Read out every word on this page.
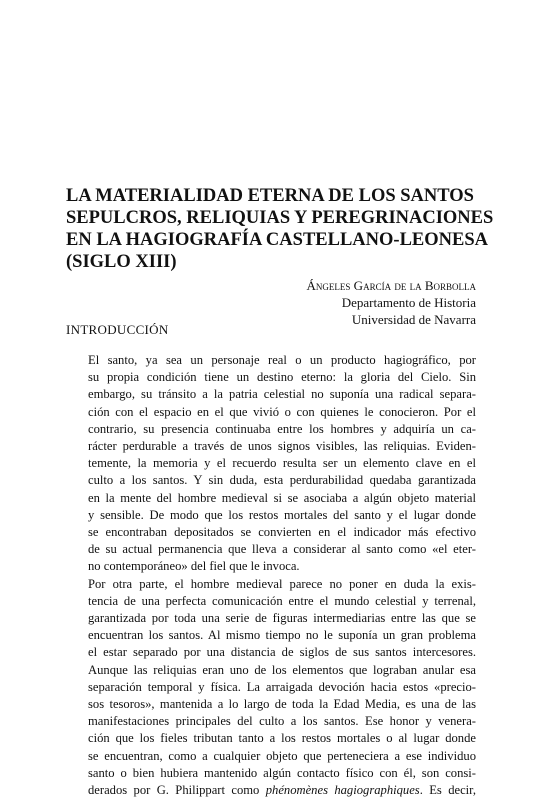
LA MATERIALIDAD ETERNA DE LOS SANTOS
SEPULCROS, RELIQUIAS Y PEREGRINACIONES
EN LA HAGIOGRAFÍA CASTELLANO-LEONESA
(SIGLO XIII)
Ángeles García de la Borbolla
Departamento de Historia
Universidad de Navarra
INTRODUCCIÓN

El santo, ya sea un personaje real o un producto hagiográfico, por
su propia condición tiene un destino eterno: la gloria del Cielo. Sin
embargo, su tránsito a la patria celestial no suponía una radical separa-
ción con el espacio en el que vivió o con quienes le conocieron. Por el
contrario, su presencia continuaba entre los hombres y adquiría un ca-
rácter perdurable a través de unos signos visibles, las reliquias. Eviden-
temente, la memoria y el recuerdo resulta ser un elemento clave en el
culto a los santos. Y sin duda, esta perdurabilidad quedaba garantizada
en la mente del hombre medieval si se asociaba a algún objeto material
y sensible. De modo que los restos mortales del santo y el lugar donde
se encontraban depositados se convierten en el indicador más efectivo
de su actual permanencia que lleva a considerar al santo como «el eter-
no contemporáneo» del fiel que le invoca.

Por otra parte, el hombre medieval parece no poner en duda la exis-
tencia de una perfecta comunicación entre el mundo celestial y terrenal,
garantizada por toda una serie de figuras intermediarias entre las que se
encuentran los santos. Al mismo tiempo no le suponía un gran problema
el estar separado por una distancia de siglos de sus santos intercesores.
Aunque las reliquias eran uno de los elementos que lograban anular esa
separación temporal y física. La arraigada devoción hacia estos «precio-
sos tesoros», mantenida a lo largo de toda la Edad Media, es una de las
manifestaciones principales del culto a los santos. Ese honor y venera-
ción que los fieles tributan tanto a los restos mortales o al lugar donde
se encuentran, como a cualquier objeto que perteneciera a ese individuo
santo o bien hubiera mantenido algún contacto físico con él, son consi-
derados por G. Philippart como phénomènes hagiographiques. Es decir,
